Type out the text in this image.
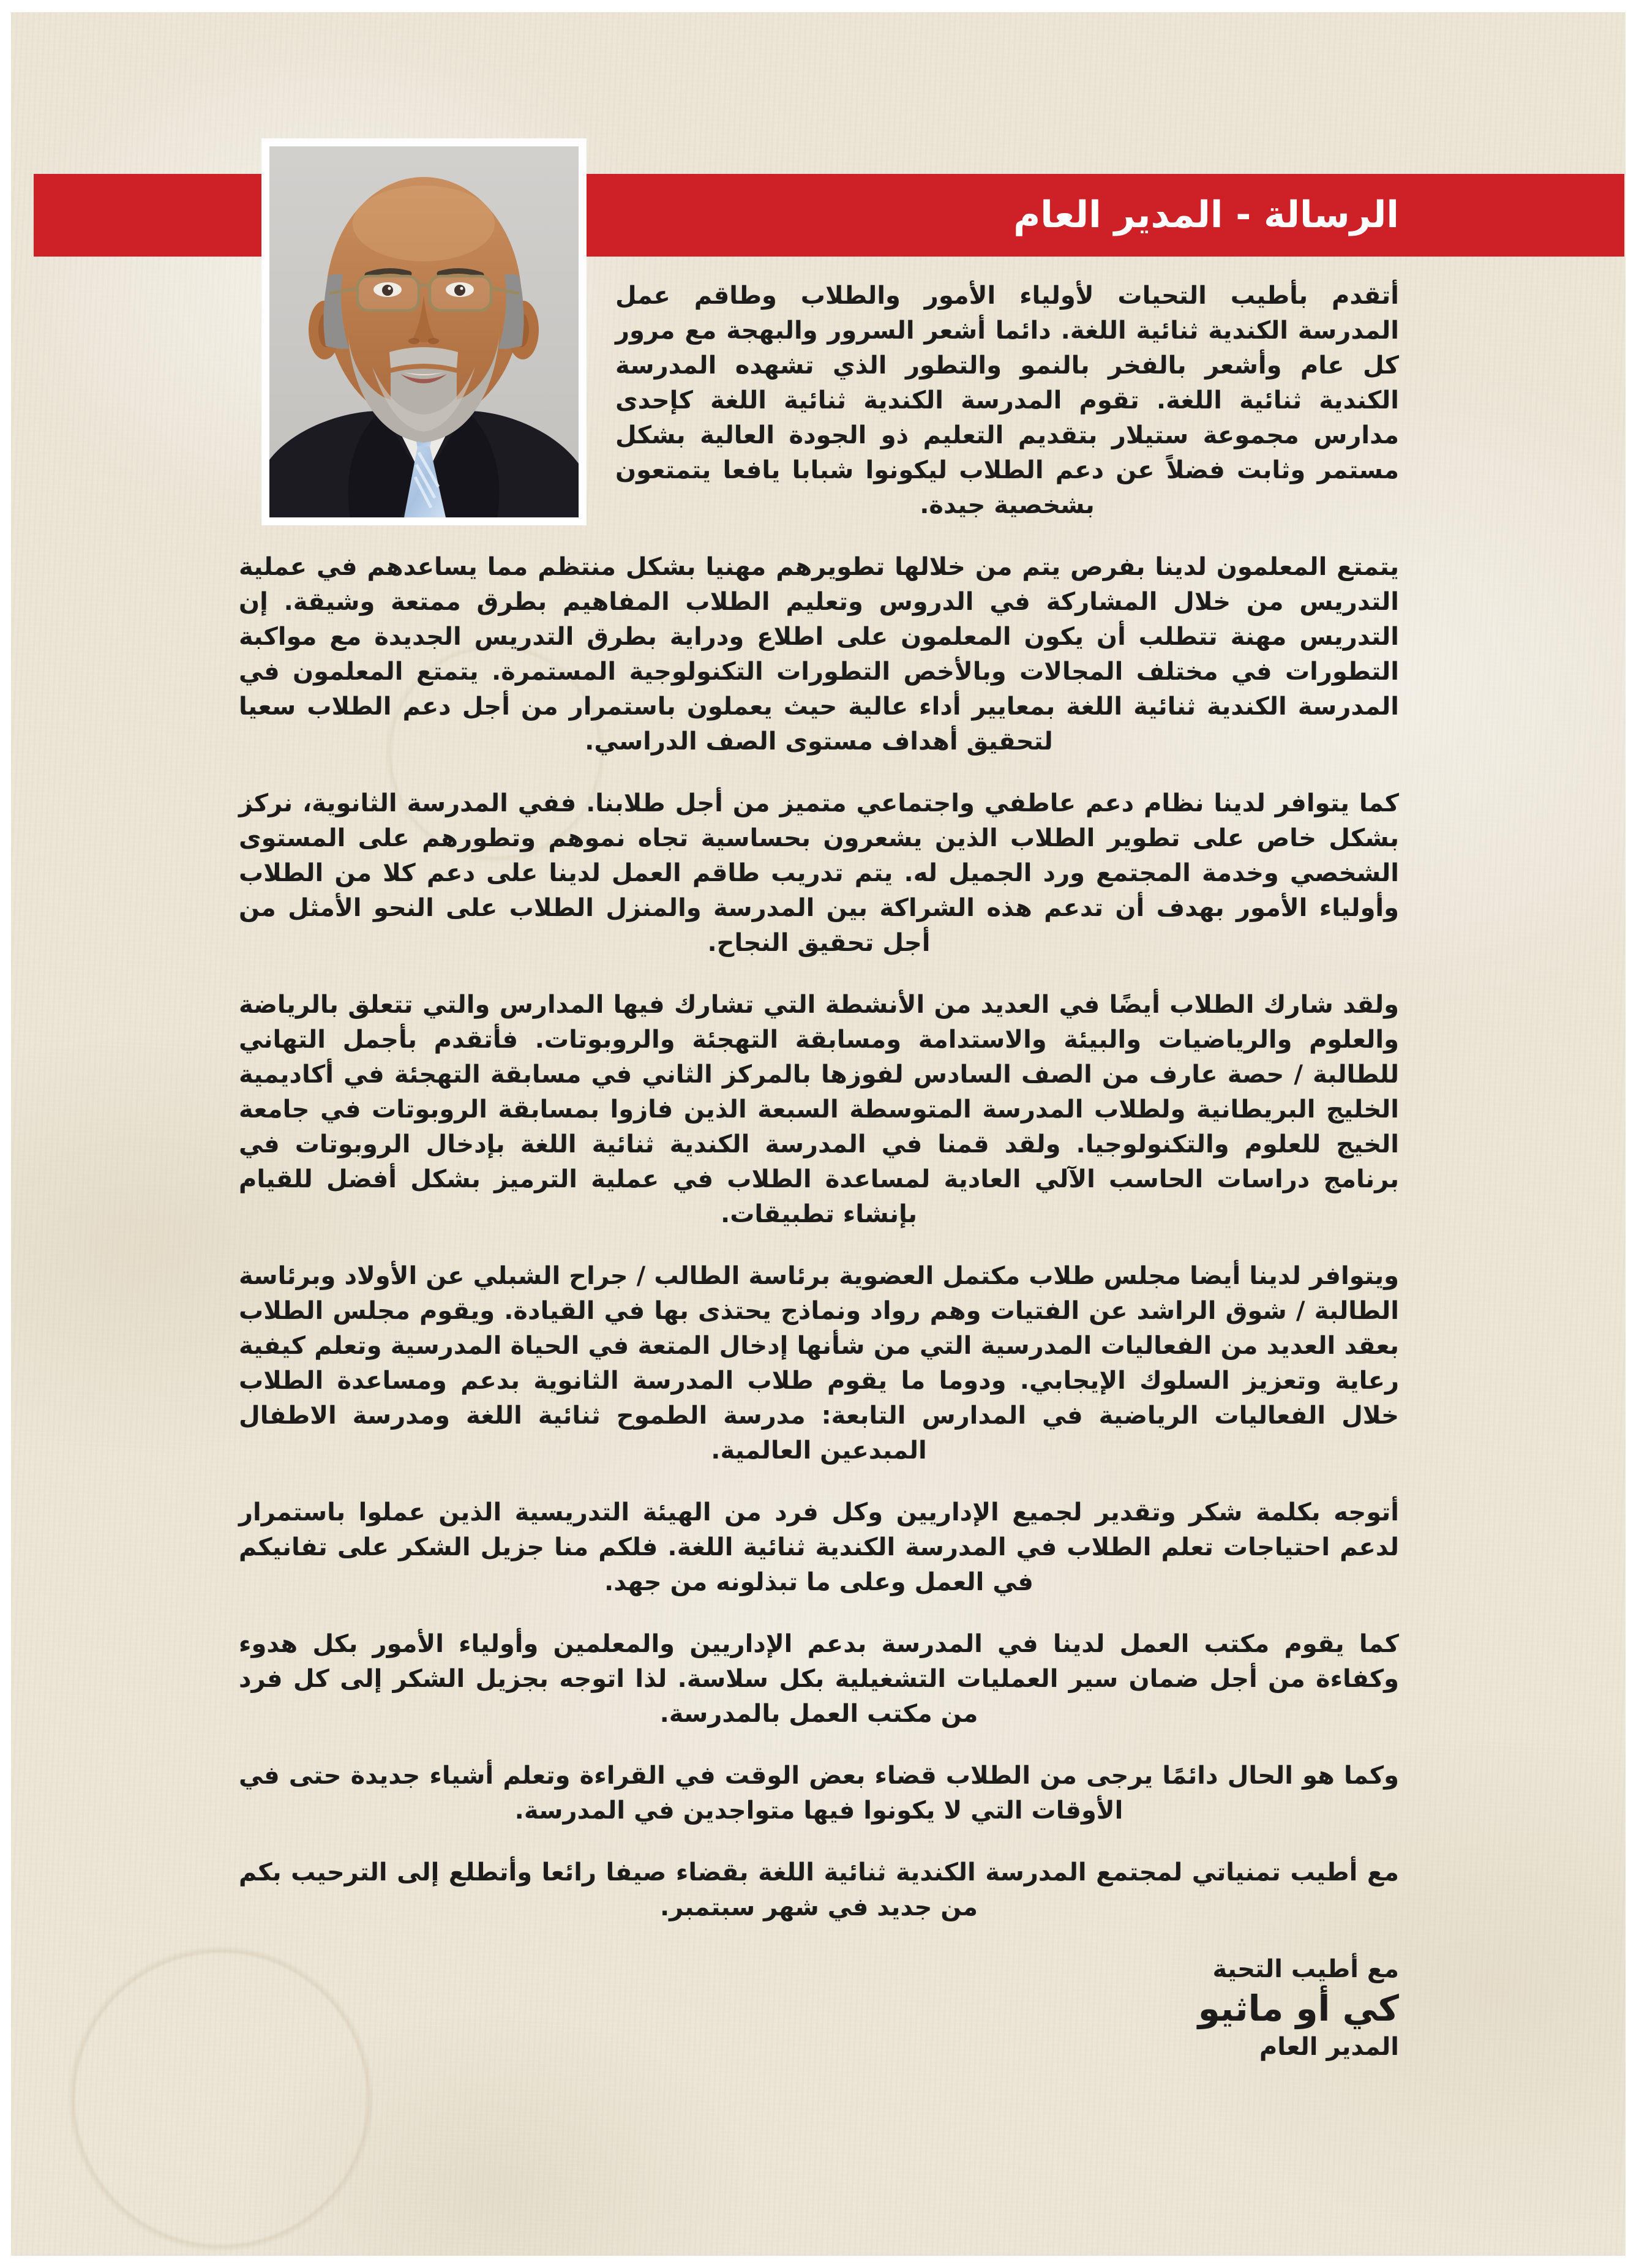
الرسالة - المدير العام

أتقدم بأطيب التحيات لأولياء الأمور والطلاب وطاقم عمل المدرسة الكندية ثنائية اللغة. دائما أشعر السرور والبهجة مع مرور كل عام وأشعر بالفخر بالنمو والتطور الذي تشهده المدرسة الكندية ثنائية اللغة. تقوم المدرسة الكندية ثنائية اللغة كإحدى مدارس مجموعة ستيلار بتقديم التعليم ذو الجودة العالية بشكل مستمر وثابت فضلاً عن دعم الطلاب ليكونوا شبابا يافعا يتمتعون بشخصية جيدة.

يتمتع المعلمون لدينا بفرص يتم من خلالها تطويرهم مهنيا بشكل منتظم مما يساعدهم في عملية التدريس من خلال المشاركة في الدروس وتعليم الطلاب المفاهيم بطرق ممتعة وشيقة. إن التدريس مهنة تتطلب أن يكون المعلمون على اطلاع ودراية بطرق التدريس الجديدة مع مواكبة التطورات في مختلف المجالات وبالأخص التطورات التكنولوجية المستمرة. يتمتع المعلمون في المدرسة الكندية ثنائية اللغة بمعايير أداء عالية حيث يعملون باستمرار من أجل دعم الطلاب سعيا لتحقيق أهداف مستوى الصف الدراسي.

كما يتوافر لدينا نظام دعم عاطفي واجتماعي متميز من أجل طلابنا. ففي المدرسة الثانوية، نركز بشكل خاص على تطوير الطلاب الذين يشعرون بحساسية تجاه نموهم وتطورهم على المستوى الشخصي وخدمة المجتمع ورد الجميل له. يتم تدريب طاقم العمل لدينا على دعم كلا من الطلاب وأولياء الأمور بهدف أن تدعم هذه الشراكة بين المدرسة والمنزل الطلاب على النحو الأمثل من أجل تحقيق النجاح.

ولقد شارك الطلاب أيضًا في العديد من الأنشطة التي تشارك فيها المدارس والتي تتعلق بالرياضة والعلوم والرياضيات والبيئة والاستدامة ومسابقة التهجئة والروبوتات. فأتقدم بأجمل التهاني للطالبة / حصة عارف من الصف السادس لفوزها بالمركز الثاني في مسابقة التهجئة في أكاديمية الخليج البريطانية ولطلاب المدرسة المتوسطة السبعة الذين فازوا بمسابقة الروبوتات في جامعة الخيج للعلوم والتكنولوجيا. ولقد قمنا في المدرسة الكندية ثنائية اللغة بإدخال الروبوتات في برنامج دراسات الحاسب الآلي العادية لمساعدة الطلاب في عملية الترميز بشكل أفضل للقيام بإنشاء تطبيقات.

ويتوافر لدينا أيضا مجلس طلاب مكتمل العضوية برئاسة الطالب / جراح الشبلي عن الأولاد وبرئاسة الطالبة / شوق الراشد عن الفتيات وهم رواد ونماذج يحتذى بها في القيادة. ويقوم مجلس الطلاب بعقد العديد من الفعاليات المدرسية التي من شأنها إدخال المتعة في الحياة المدرسية وتعلم كيفية رعاية وتعزيز السلوك الإيجابي. ودوما ما يقوم طلاب المدرسة الثانوية بدعم ومساعدة الطلاب خلال الفعاليات الرياضية في المدارس التابعة: مدرسة الطموح ثنائية اللغة ومدرسة الاطفال المبدعين العالمية.

أتوجه بكلمة شكر وتقدير لجميع الإداريين وكل فرد من الهيئة التدريسية الذين عملوا باستمرار لدعم احتياجات تعلم الطلاب في المدرسة الكندية ثنائية اللغة. فلكم منا جزيل الشكر على تفانيكم في العمل وعلى ما تبذلونه من جهد.

كما يقوم مكتب العمل لدينا في المدرسة بدعم الإداريين والمعلمين وأولياء الأمور بكل هدوء وكفاءة من أجل ضمان سير العمليات التشغيلية بكل سلاسة. لذا اتوجه بجزيل الشكر إلى كل فرد من مكتب العمل بالمدرسة.

وكما هو الحال دائمًا يرجى من الطلاب قضاء بعض الوقت في القراءة وتعلم أشياء جديدة حتى في الأوقات التي لا يكونوا فيها متواجدين في المدرسة.

مع أطيب تمنياتي لمجتمع المدرسة الكندية ثنائية اللغة بقضاء صيفا رائعا وأتطلع إلى الترحيب بكم من جديد في شهر سبتمبر.

مع أطيب التحية
كي أو ماثيو
المدير العام
